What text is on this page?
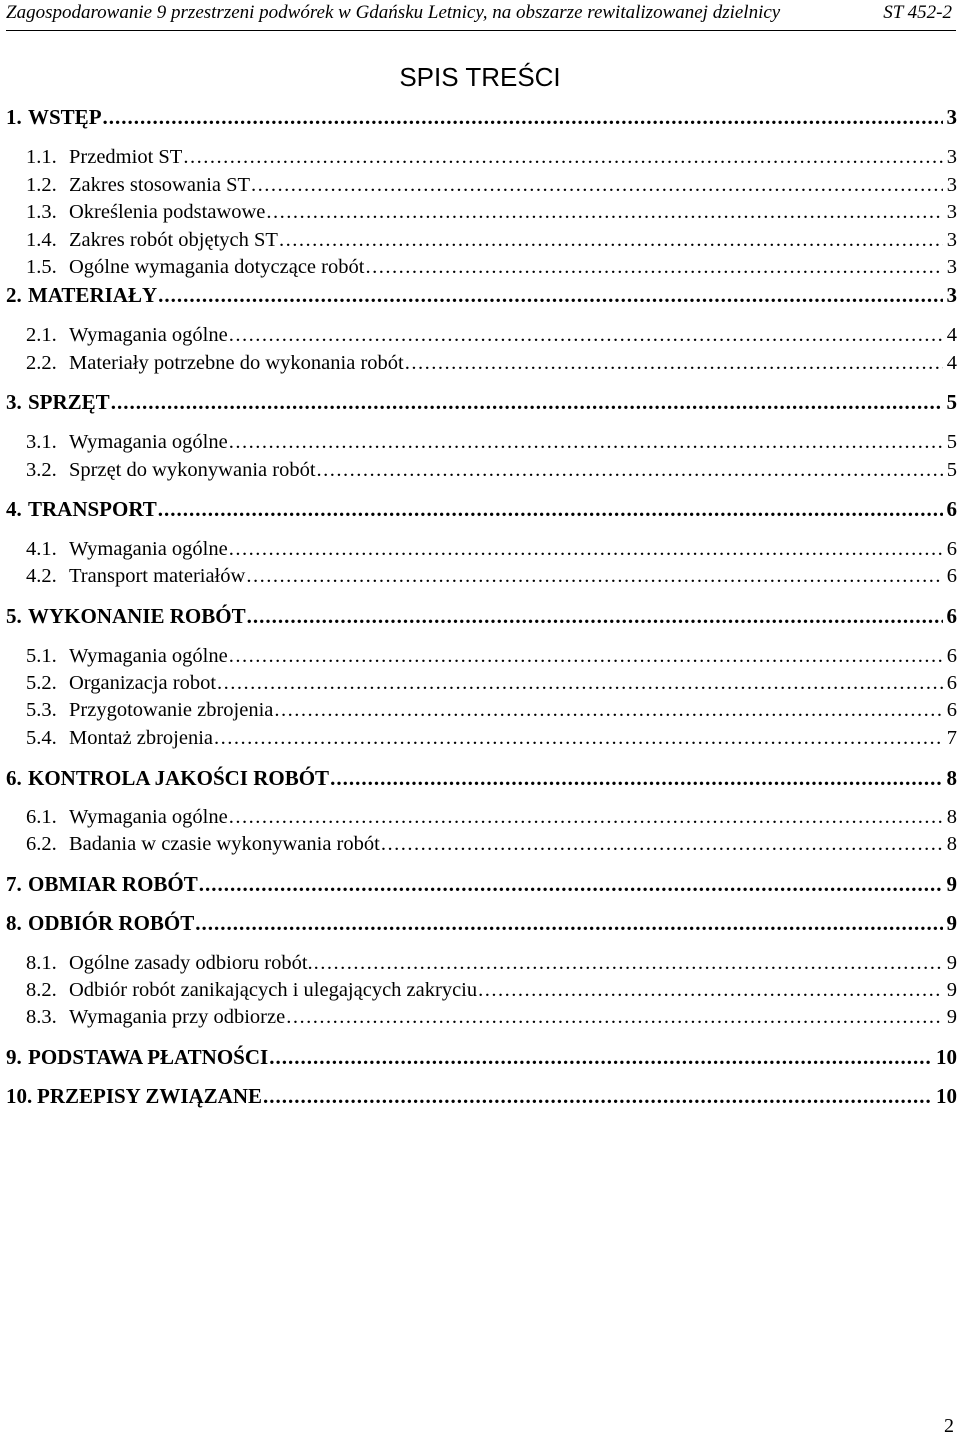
Zagospodarowanie 9 przestrzeni podwórek w Gdańsku Letnicy, na obszarze rewitalizowanej dzielnicy	ST 452-2
SPIS TREŚCI
1. WSTĘP .....	3
1.1. Przedmiot ST .....	3
1.2. Zakres stosowania ST .....	3
1.3. Określenia podstawowe .....	3
1.4. Zakres robót objętych ST .....	3
1.5. Ogólne wymagania dotyczące robót .....	3
2. MATERIAŁY .....	3
2.1. Wymagania ogólne .....	4
2.2. Materiały potrzebne do wykonania robót .....	4
3. SPRZĘT .....	5
3.1. Wymagania ogólne .....	5
3.2. Sprzęt do wykonywania robót .....	5
4. TRANSPORT .....	6
4.1. Wymagania ogólne .....	6
4.2. Transport materiałów .....	6
5. WYKONANIE ROBÓT .....	6
5.1. Wymagania ogólne .....	6
5.2. Organizacja robot .....	6
5.3. Przygotowanie zbrojenia .....	6
5.4. Montaż zbrojenia .....	7
6. KONTROLA JAKOŚCI ROBÓT .....	8
6.1. Wymagania ogólne .....	8
6.2. Badania w czasie wykonywania robót .....	8
7. OBMIAR ROBÓT .....	9
8. ODBIÓR ROBÓT .....	9
8.1. Ogólne zasady odbioru robót. .....	9
8.2. Odbiór robót zanikających i ulegających zakryciu .....	9
8.3. Wymagania przy odbiorze .....	9
9. PODSTAWA PŁATNOŚCI .....	10
10. PRZEPISY ZWIĄZANE .....	10
2
